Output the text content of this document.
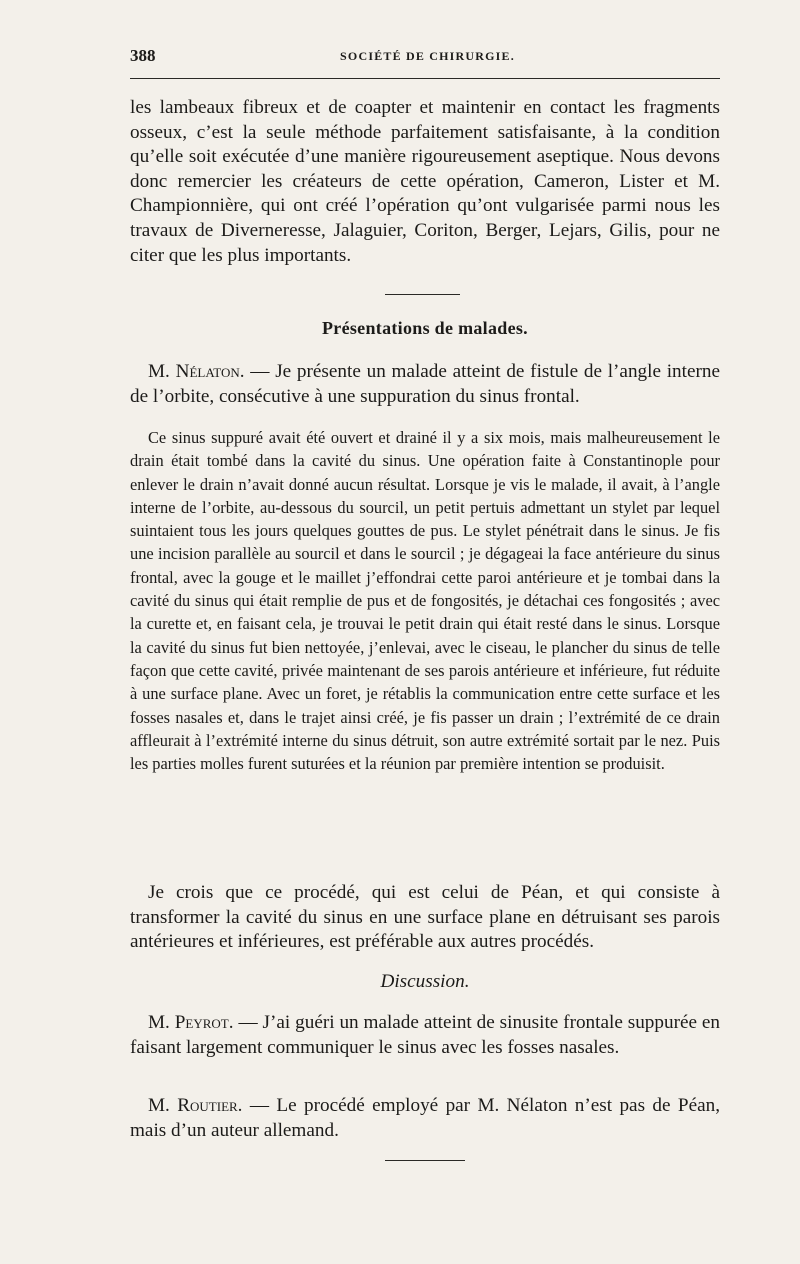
388	SOCIÉTÉ DE CHIRURGIE.

les lambeaux fibreux et de coapter et maintenir en contact les fragments osseux, c’est la seule méthode parfaitement satisfaisante, à la condition qu’elle soit exécutée d’une manière rigoureusement aseptique. Nous devons donc remercier les créateurs de cette opération, Cameron, Lister et M. Championnière, qui ont créé l’opération qu’ont vulgarisée parmi nous les travaux de Diverneresse, Jalaguier, Coriton, Berger, Lejars, Gilis, pour ne citer que les plus importants.

Présentations de malades.

M. Nélaton. — Je présente un malade atteint de fistule de l’angle interne de l’orbite, consécutive à une suppuration du sinus frontal.

Ce sinus suppuré avait été ouvert et drainé il y a six mois, mais malheureusement le drain était tombé dans la cavité du sinus. Une opération faite à Constantinople pour enlever le drain n’avait donné aucun résultat. Lorsque je vis le malade, il avait, à l’angle interne de l’orbite, au-dessous du sourcil, un petit pertuis admettant un stylet par lequel suintaient tous les jours quelques gouttes de pus. Le stylet pénétrait dans le sinus. Je fis une incision parallèle au sourcil et dans le sourcil ; je dégageai la face antérieure du sinus frontal, avec la gouge et le maillet j’effondrai cette paroi antérieure et je tombai dans la cavité du sinus qui était remplie de pus et de fongosités, je détachai ces fongosités ; avec la curette et, en faisant cela, je trouvai le petit drain qui était resté dans le sinus. Lorsque la cavité du sinus fut bien nettoyée, j’enlevai, avec le ciseau, le plancher du sinus de telle façon que cette cavité, privée maintenant de ses parois antérieure et inférieure, fut réduite à une surface plane. Avec un foret, je rétablis la communication entre cette surface et les fosses nasales et, dans le trajet ainsi créé, je fis passer un drain ; l’extrémité de ce drain affleurait à l’extrémité interne du sinus détruit, son autre extrémité sortait par le nez. Puis les parties molles furent suturées et la réunion par première intention se produisit.

Je crois que ce procédé, qui est celui de Péan, et qui consiste à transformer la cavité du sinus en une surface plane en détruisant ses parois antérieures et inférieures, est préférable aux autres procédés.

Discussion.

M. Peyrot. — J’ai guéri un malade atteint de sinusite frontale suppurée en faisant largement communiquer le sinus avec les fosses nasales.

M. Routier. — Le procédé employé par M. Nélaton n’est pas de Péan, mais d’un auteur allemand.
